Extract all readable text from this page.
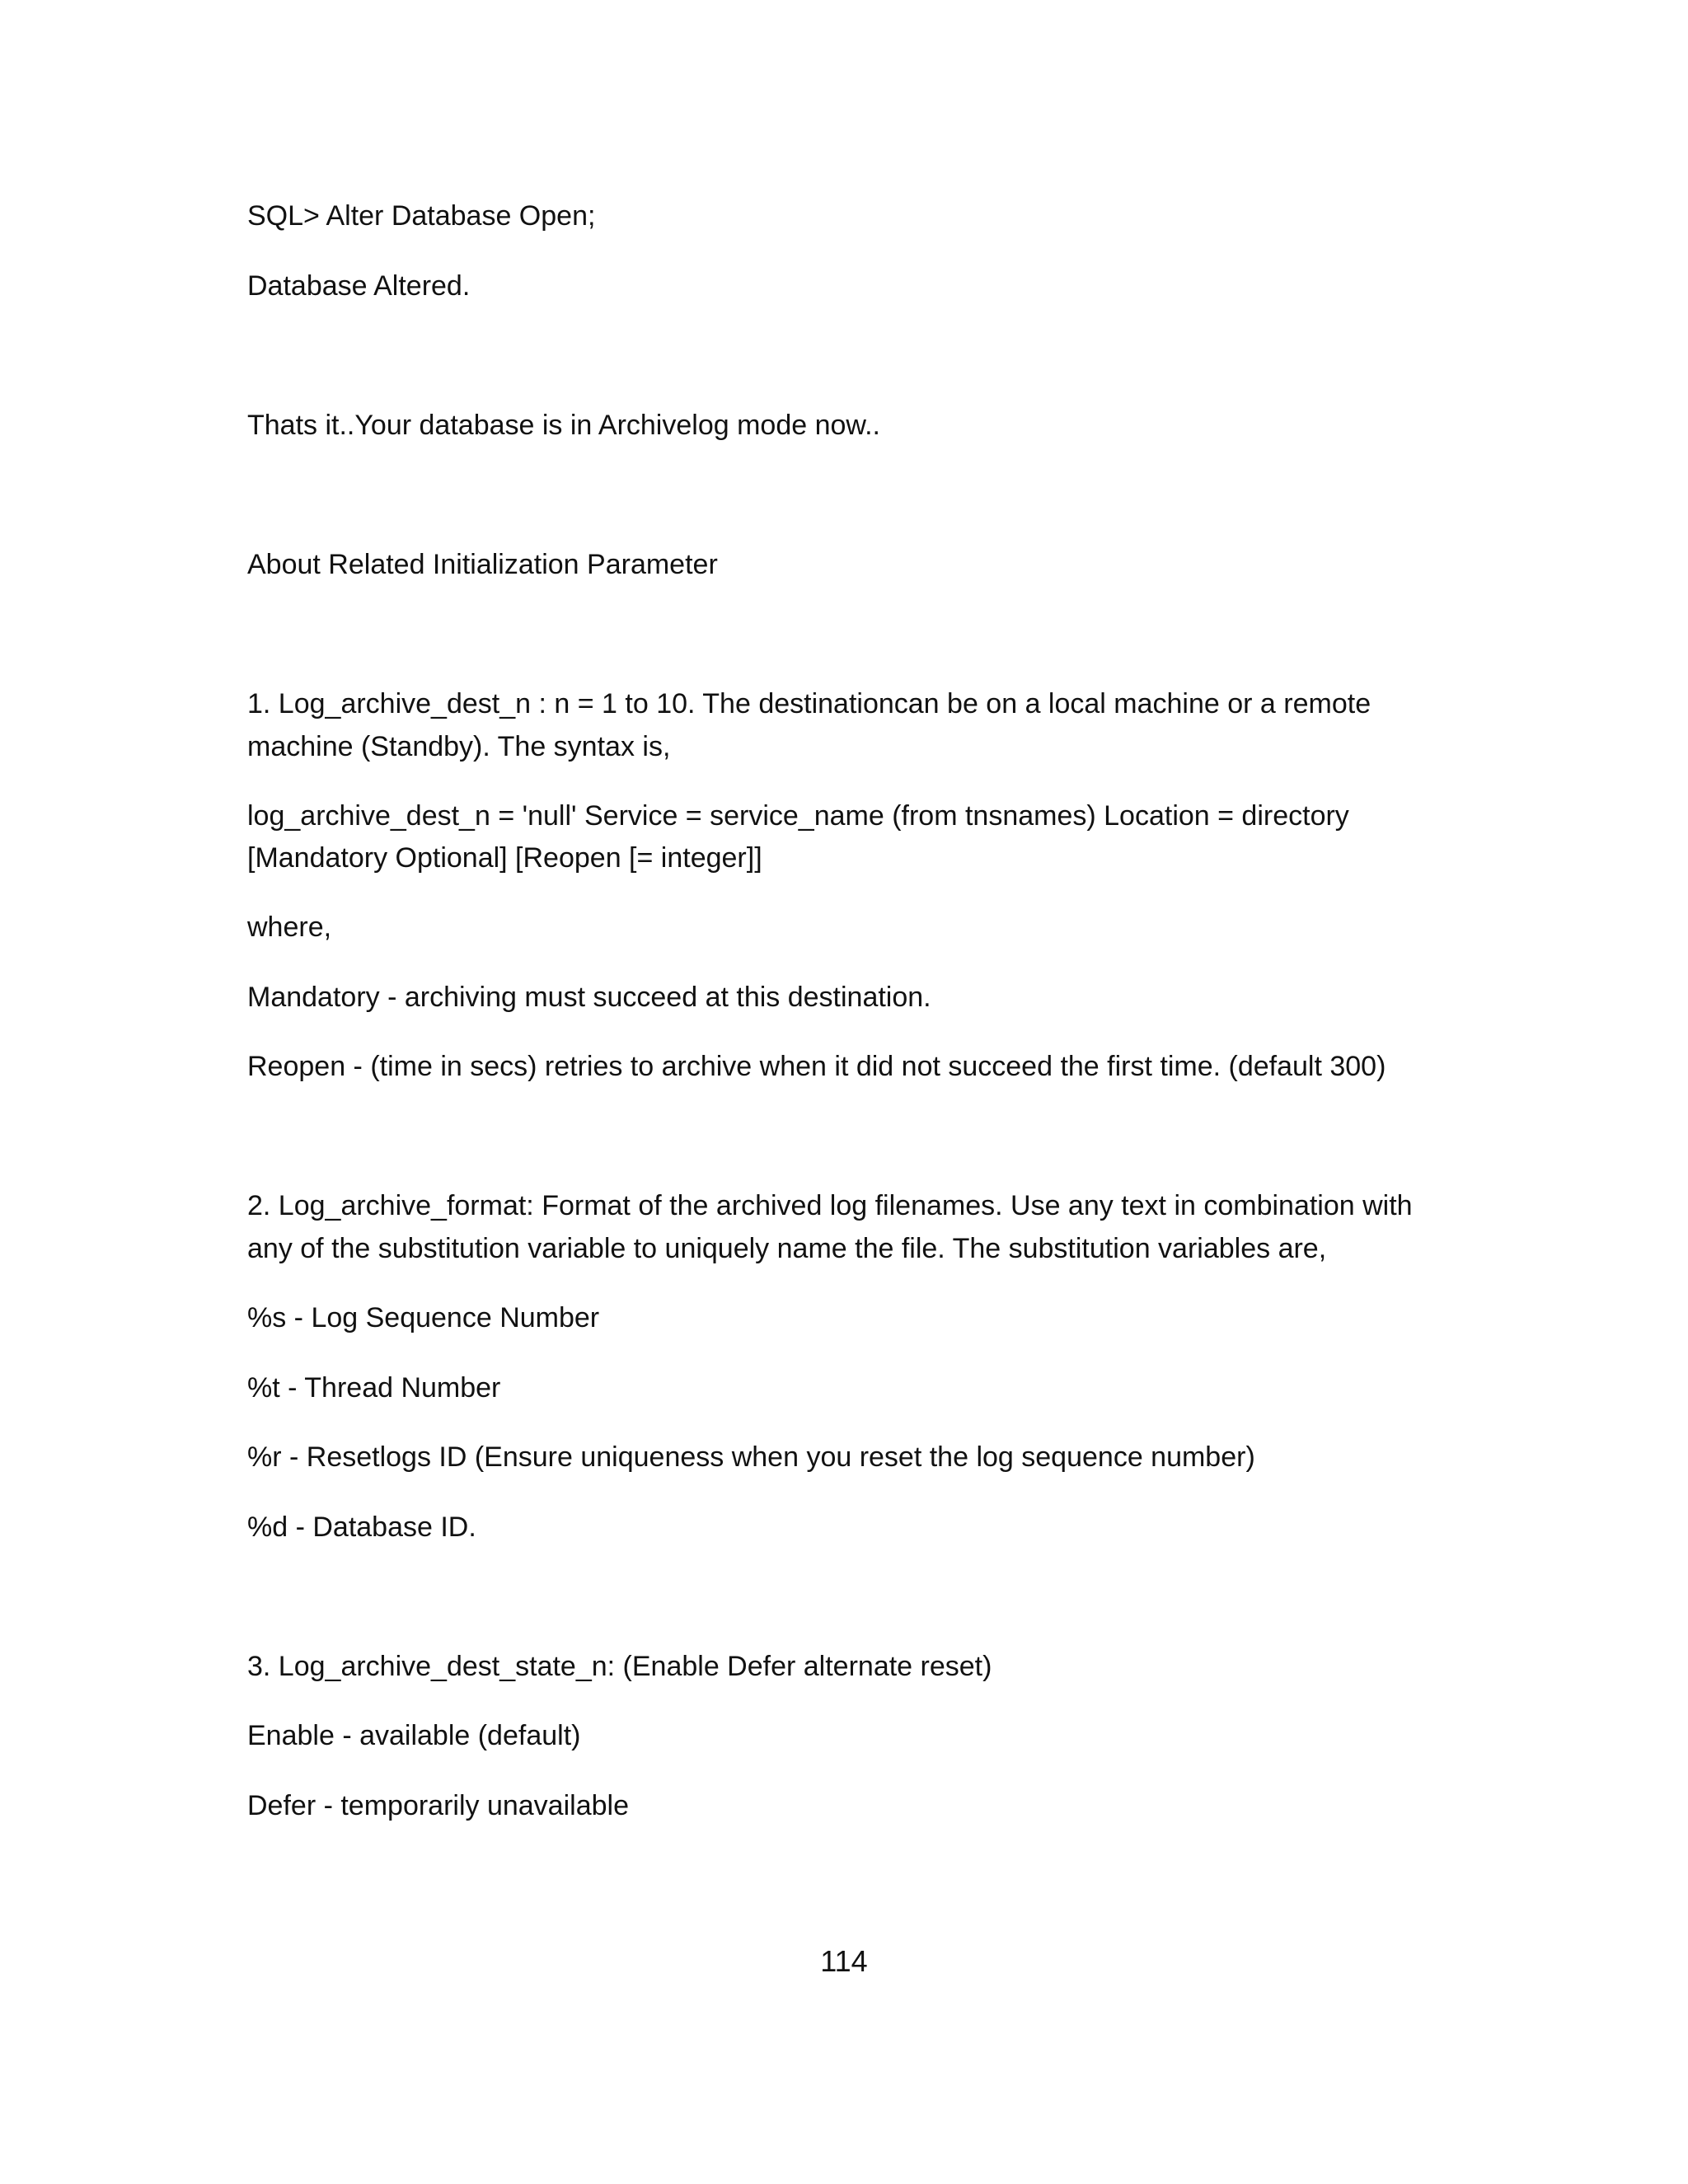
SQL> Alter Database Open;

Database Altered.

Thats it..Your database is in Archivelog mode now..

About Related Initialization Parameter

1. Log_archive_dest_n : n = 1 to 10. The destinationcan be on a local machine or a remote

machine (Standby). The syntax is,

log_archive_dest_n = 'null' Service = service_name (from tnsnames) Location = directory

[Mandatory Optional] [Reopen [= integer]]

where,

Mandatory - archiving must succeed at this destination.

Reopen - (time in secs) retries to archive when it did not succeed the first time. (default 300)

2. Log_archive_format: Format of the archived log filenames. Use any text in combination with

any of the substitution variable to uniquely name the file. The substitution variables are,

%s - Log Sequence Number

%t - Thread Number

%r - Resetlogs ID (Ensure uniqueness when you reset the log sequence number)

%d - Database ID.

3. Log_archive_dest_state_n: (Enable Defer alternate reset)

Enable - available (default)

Defer - temporarily unavailable

114
